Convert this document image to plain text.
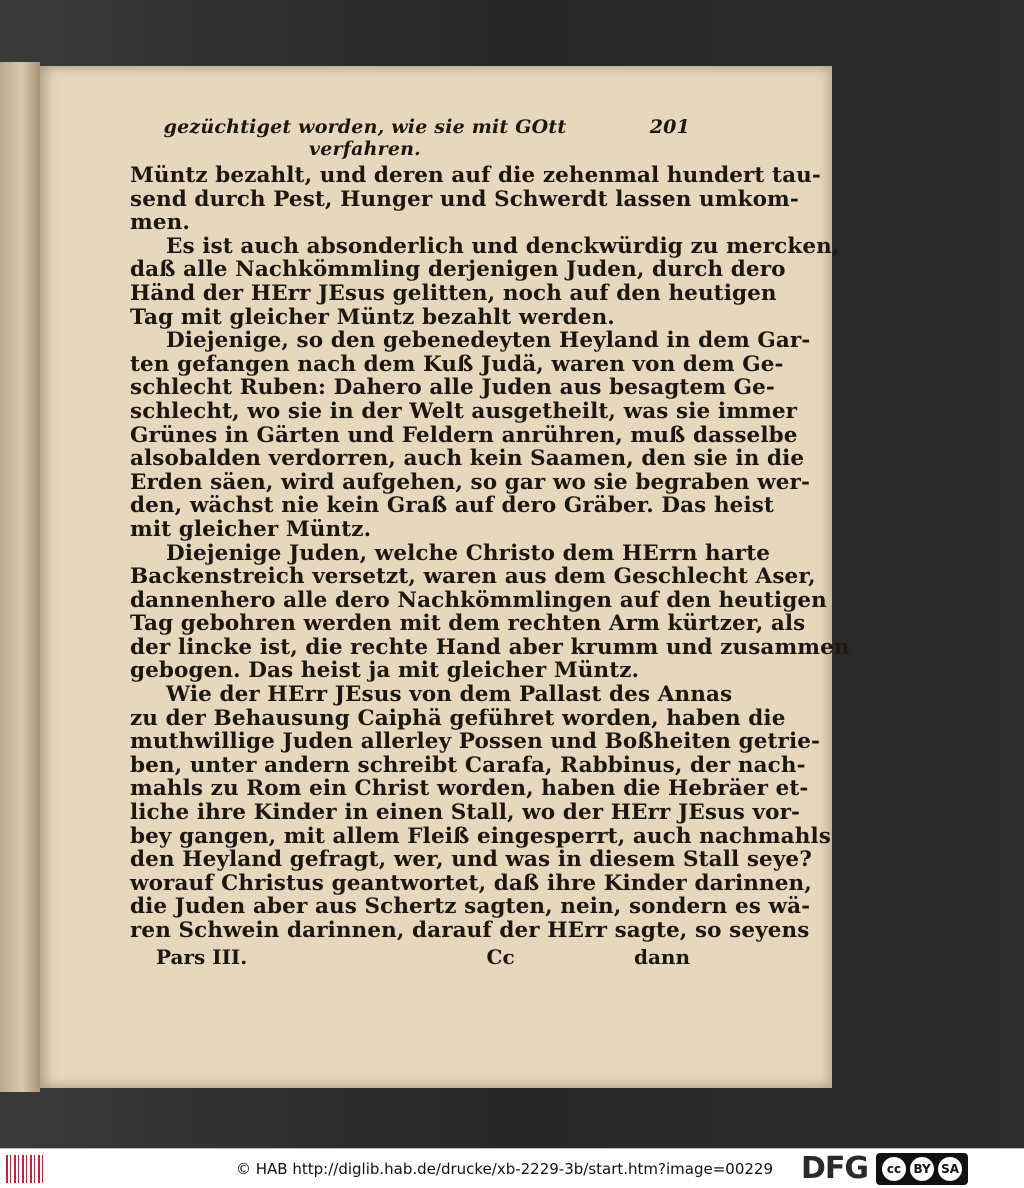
gezüchtiget worden, wie sie mit GOtt verfahren.
201
Müntz bezahlt, und deren auf die zehenmal hundert tau-
send durch Pest, Hunger und Schwerdt lassen umkom-
men.
Es ist auch absonderlich und denckwürdig zu mercken,
daß alle Nachkömmling derjenigen Juden, durch dero
Händ der HErr JEsus gelitten, noch auf den heutigen
Tag mit gleicher Müntz bezahlt werden.
Diejenige, so den gebenedeyten Heyland in dem Gar-
ten gefangen nach dem Kuß Judä, waren von dem Ge-
schlecht Ruben: Dahero alle Juden aus besagtem Ge-
schlecht, wo sie in der Welt ausgetheilt, was sie immer
Grünes in Gärten und Feldern anrühren, muß dasselbe
alsobalden verdorren, auch kein Saamen, den sie in die
Erden säen, wird aufgehen, so gar wo sie begraben wer-
den, wächst nie kein Graß auf dero Gräber. Das heist
mit gleicher Müntz.
Diejenige Juden, welche Christo dem HErrn harte
Backenstreich versetzt, waren aus dem Geschlecht Aser,
dannenhero alle dero Nachkömmlingen auf den heutigen
Tag gebohren werden mit dem rechten Arm kürtzer, als
der lincke ist, die rechte Hand aber krumm und zusammen
gebogen. Das heist ja mit gleicher Müntz.
Wie der HErr JEsus von dem Pallast des Annas
zu der Behausung Caiphä geführet worden, haben die
muthwillige Juden allerley Possen und Boßheiten getrie-
ben, unter andern schreibt Carafa, Rabbinus, der nach-
mahls zu Rom ein Christ worden, haben die Hebräer et-
liche ihre Kinder in einen Stall, wo der HErr JEsus vor-
bey gangen, mit allem Fleiß eingesperrt, auch nachmahls
den Heyland gefragt, wer, und was in diesem Stall seye?
worauf Christus geantwortet, daß ihre Kinder darinnen,
die Juden aber aus Schertz sagten, nein, sondern es wä-
ren Schwein darinnen, darauf der HErr sagte, so seyens
Pars III.	Cc	dann
© HAB http://diglib.hab.de/drucke/xb-2229-3b/start.htm?image=00229 DFG	cc	BY SA
